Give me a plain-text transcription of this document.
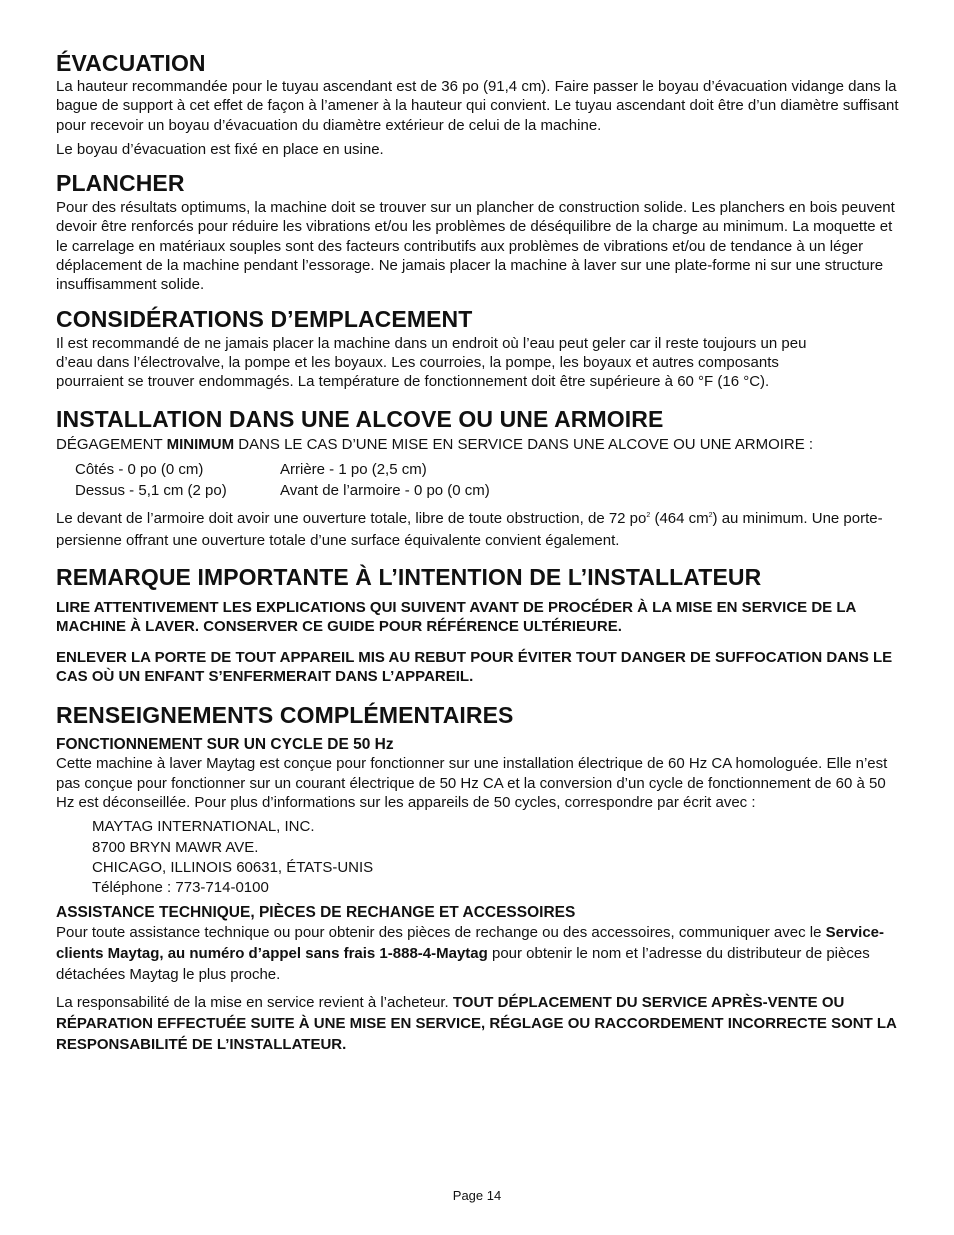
ÉVACUATION

La hauteur recommandée pour le tuyau ascendant est de 36 po (91,4 cm). Faire passer le boyau d’évacuation vidange dans la bague de support à cet effet de façon à l’amener à la hauteur qui convient. Le tuyau ascendant doit être d’un diamètre suffisant pour recevoir un boyau d’évacuation du diamètre extérieur de celui de la machine.

Le boyau d’évacuation est fixé en place en usine.

PLANCHER

Pour des résultats optimums, la machine doit se trouver sur un plancher de construction solide. Les planchers en bois peuvent devoir être renforcés pour réduire les vibrations et/ou les problèmes de déséquilibre de la charge au minimum. La moquette et le carrelage en matériaux souples sont des facteurs contributifs aux problèmes de vibrations et/ou de tendance à un léger déplacement de la machine pendant l’essorage. Ne jamais placer la machine à laver sur une plate-forme ni sur une structure insuffisamment solide.

CONSIDÉRATIONS D’EMPLACEMENT

Il est recommandé de ne jamais placer la machine dans un endroit où l’eau peut geler car il reste toujours un peu d’eau dans l’électrovalve, la pompe et les boyaux. Les courroies, la pompe, les boyaux et autres composants pourraient se trouver endommagés. La température de fonctionnement doit être supérieure à 60 °F (16 °C).

INSTALLATION DANS UNE ALCOVE OU UNE ARMOIRE

DÉGAGEMENT MINIMUM DANS LE CAS D’UNE MISE EN SERVICE DANS UNE ALCOVE OU UNE ARMOIRE :

Côtés - 0 po (0 cm)	Arrière - 1 po (2,5 cm)
Dessus - 5,1 cm (2 po)	Avant de l’armoire - 0 po (0 cm)

Le devant de l’armoire doit avoir une ouverture totale, libre de toute obstruction, de 72 $po^2$ (464 $cm^2$) au minimum. Une porte-persienne offrant une ouverture totale d’une surface équivalente convient également.

REMARQUE IMPORTANTE À L’INTENTION DE L’INSTALLATEUR

LIRE ATTENTIVEMENT LES EXPLICATIONS QUI SUIVENT AVANT DE PROCÉDER À LA MISE EN SERVICE DE LA MACHINE À LAVER. CONSERVER CE GUIDE POUR RÉFÉRENCE ULTÉRIEURE.

ENLEVER LA PORTE DE TOUT APPAREIL MIS AU REBUT POUR ÉVITER TOUT DANGER DE SUFFOCATION DANS LE CAS OÙ UN ENFANT S’ENFERMERAIT DANS L’APPAREIL.

RENSEIGNEMENTS COMPLÉMENTAIRES
FONCTIONNEMENT SUR UN CYCLE DE 50 Hz

Cette machine à laver Maytag est conçue pour fonctionner sur une installation électrique de 60 Hz CA homologuée. Elle n’est pas conçue pour fonctionner sur un courant électrique de 50 Hz CA et la conversion d’un cycle de fonctionnement de 60 à 50 Hz est déconseillée. Pour plus d’informations sur les appareils de 50 cycles, correspondre par écrit avec :

MAYTAG INTERNATIONAL, INC.
8700 BRYN MAWR AVE.
CHICAGO, ILLINOIS 60631, ÉTATS-UNIS
Téléphone : 773-714-0100
ASSISTANCE TECHNIQUE, PIÈCES DE RECHANGE ET ACCESSOIRES

Pour toute assistance technique ou pour obtenir des pièces de rechange ou des accessoires, communiquer avec le Service-clients Maytag, au numéro d’appel sans frais 1-888-4-Maytag pour obtenir le nom et l’adresse du distributeur de pièces détachées Maytag le plus proche.

La responsabilité de la mise en service revient à l’acheteur. TOUT DÉPLACEMENT DU SERVICE APRÈS-VENTE OU RÉPARATION EFFECTUÉE SUITE À UNE MISE EN SERVICE, RÉGLAGE OU RACCORDEMENT INCORRECTE SONT LA RESPONSABILITÉ DE L’INSTALLATEUR.

Page 14
